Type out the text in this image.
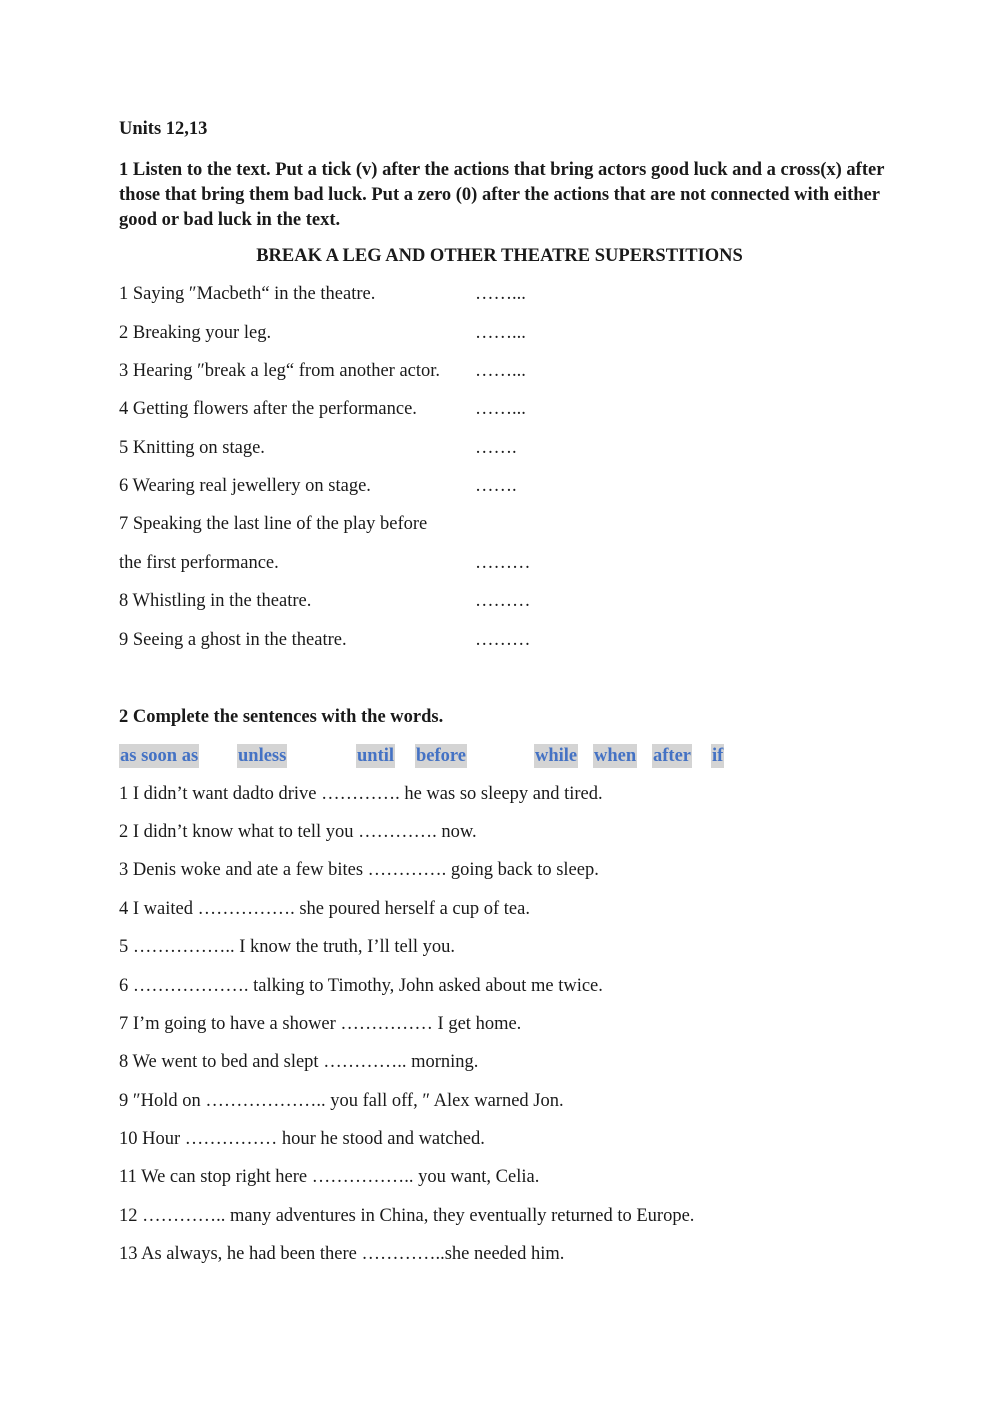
Units 12,13
1 Listen to the text. Put a tick (v) after the actions that bring actors good luck and a cross(x) after those that bring them bad luck. Put a zero (0) after the actions that are not connected with either good or bad luck in the text.
BREAK A LEG AND OTHER THEATRE SUPERSTITIONS
1 Saying ″Macbeth“ in the theatre.	……...
2 Breaking your leg.	……...
3 Hearing ″break a leg“ from another actor. ……...
4 Getting flowers after the performance.	……...
5 Knitting on stage.	…….
6 Wearing real jewellery on stage.	…….
7 Speaking the last line of the play before
the first performance.	………
8 Whistling in the theatre.	………
9 Seeing a ghost in the theatre.	………
2 Complete the sentences with the words.
as soon as unless	until before	while when after if
1 I didn’t want dadto drive …………. he was so sleepy and tired.
2 I didn’t know what to tell you …………. now.
3 Denis woke and ate a few bites …………. going back to sleep.
4 I waited ……………. she poured herself a cup of tea.
5 …………….. I know the truth, I’ll tell you.
6 ………………. talking to Timothy, John asked about me twice.
7 I’m going to have a shower …………… I get home.
8 We went to bed and slept ………….. morning.
9 ″Hold on ……………….. you fall off, ″ Alex warned Jon.
10 Hour …………… hour he stood and watched.
11 We can stop right here …………….. you want, Celia.
12 ………….. many adventures in China, they eventually returned to Europe.
13 As always, he had been there …………..she needed him.
